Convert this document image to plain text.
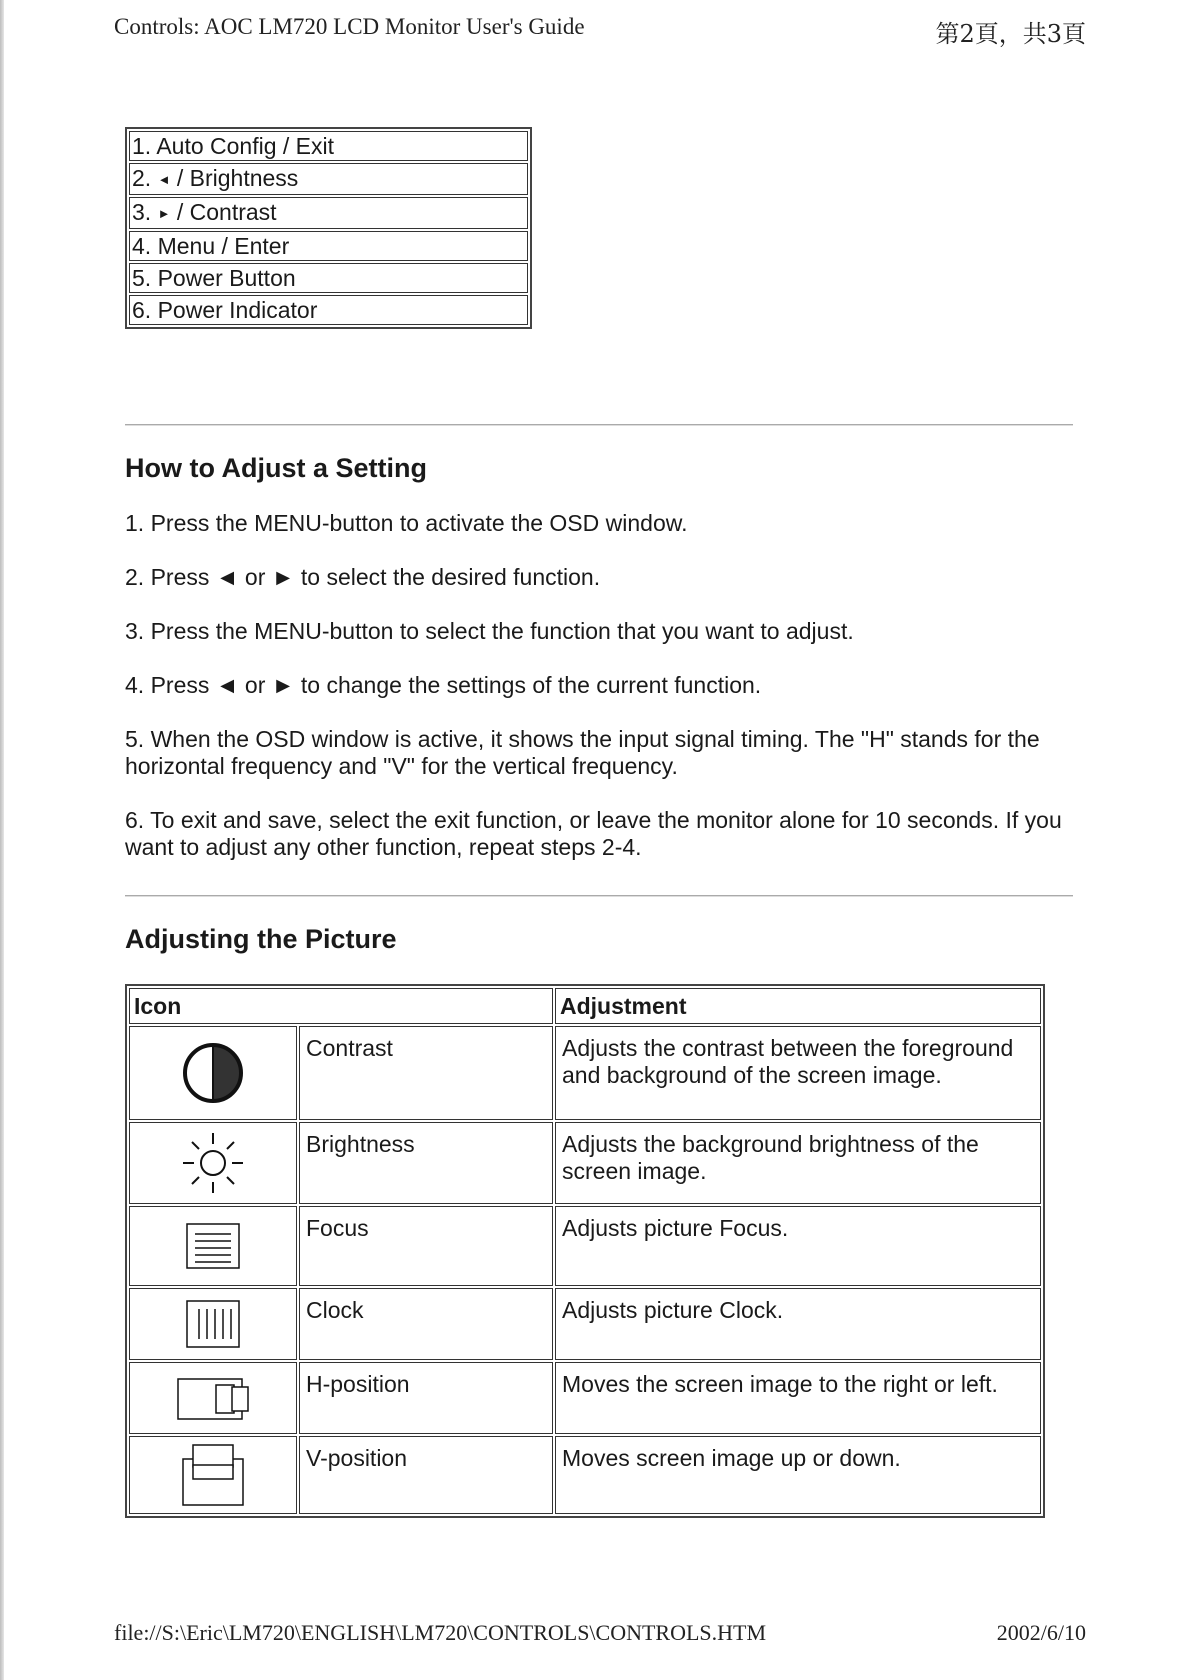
Controls: AOC LM720 LCD Monitor User's Guide	第2頁，共3頁
1. Auto Config / Exit
2. ◄ / Brightness
3. ► / Contrast
4. Menu / Enter
5. Power Button
6. Power Indicator
How to Adjust a Setting

1. Press the MENU-button to activate the OSD window.

2. Press ◄ or ► to select the desired function.

3. Press the MENU-button to select the function that you want to adjust.

4. Press ◄ or ► to change the settings of the current function.

5. When the OSD window is active, it shows the input signal timing. The "H" stands for the horizontal frequency and "V" for the vertical frequency.

6. To exit and save, select the exit function, or leave the monitor alone for 10 seconds. If you want to adjust any other function, repeat steps 2-4.

Adjusting the Picture
Icon		Adjustment

	Contrast	Adjusts the contrast between the foreground and background of the screen image.

	Brightness	Adjusts the background brightness of the screen image.

	Focus	Adjusts picture Focus.

	Clock	Adjusts picture Clock.

	H-position	Moves the screen image to the right or left.

	V-position	Moves screen image up or down.
file://S:\Eric\LM720\ENGLISH\LM720\CONTROLS\CONTROLS.HTM	2002/6/10
